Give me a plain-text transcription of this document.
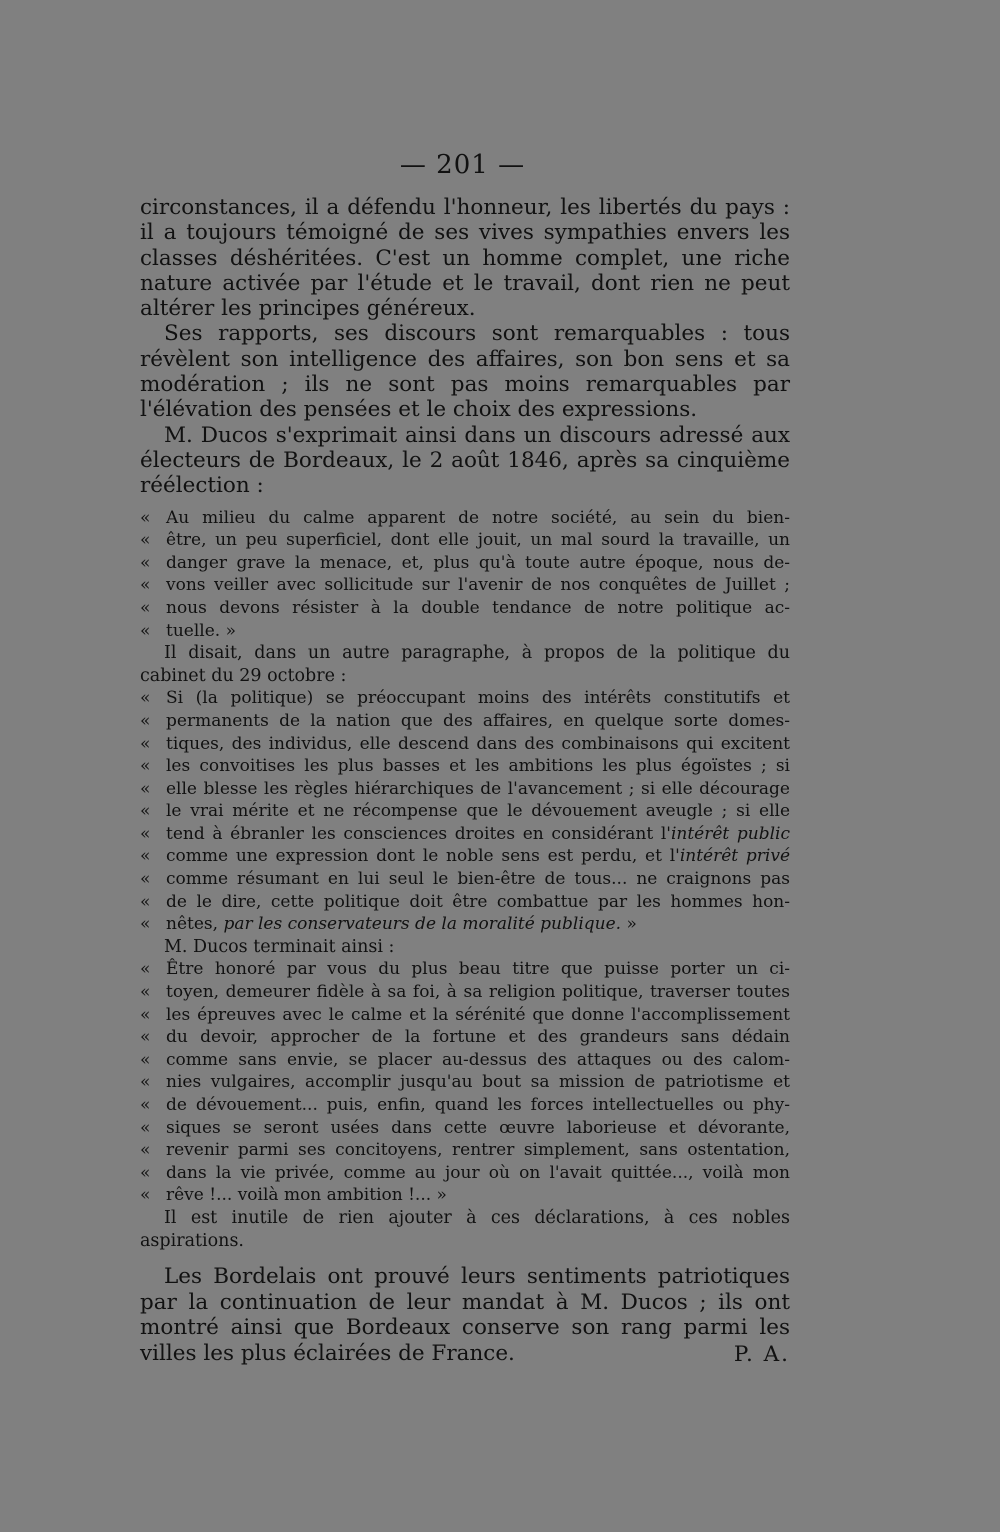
— 201 —

circonstances, il a défendu l'honneur, les libertés du pays : il a toujours témoigné de ses vives sympathies envers les classes déshéritées. C'est un homme complet, une riche nature activée par l'étude et le travail, dont rien ne peut altérer les principes généreux.

Ses rapports, ses discours sont remarquables : tous révèlent son intelligence des affaires, son bon sens et sa modération ; ils ne sont pas moins remarquables par l'élévation des pensées et le choix des expressions.

M. Ducos s'exprimait ainsi dans un discours adressé aux électeurs de Bordeaux, le 2 août 1846, après sa cinquième réélection :

« Au milieu du calme apparent de notre société, au sein du bien-
« être, un peu superficiel, dont elle jouit, un mal sourd la travaille, un
« danger grave la menace, et, plus qu'à toute autre époque, nous de-
« vons veiller avec sollicitude sur l'avenir de nos conquêtes de Juillet ;
« nous devons résister à la double tendance de notre politique ac-
« tuelle. »

Il disait, dans un autre paragraphe, à propos de la politique du cabinet du 29 octobre :

« Si (la politique) se préoccupant moins des intérêts constitutifs et
« permanents de la nation que des affaires, en quelque sorte domes-
« tiques, des individus, elle descend dans des combinaisons qui excitent
« les convoitises les plus basses et les ambitions les plus égoïstes ; si
« elle blesse les règles hiérarchiques de l'avancement ; si elle décourage
« le vrai mérite et ne récompense que le dévouement aveugle ; si elle
« tend à ébranler les consciences droites en considérant l'intérêt public
« comme une expression dont le noble sens est perdu, et l'intérêt privé
« comme résumant en lui seul le bien-être de tous... ne craignons pas
« de le dire, cette politique doit être combattue par les hommes hon-
« nêtes, par les conservateurs de la moralité publique. »

M. Ducos terminait ainsi :

« Être honoré par vous du plus beau titre que puisse porter un ci-
« toyen, demeurer fidèle à sa foi, à sa religion politique, traverser toutes
« les épreuves avec le calme et la sérénité que donne l'accomplissement
« du devoir, approcher de la fortune et des grandeurs sans dédain
« comme sans envie, se placer au-dessus des attaques ou des calom-
« nies vulgaires, accomplir jusqu'au bout sa mission de patriotisme et
« de dévouement... puis, enfin, quand les forces intellectuelles ou phy-
« siques se seront usées dans cette œuvre laborieuse et dévorante,
« revenir parmi ses concitoyens, rentrer simplement, sans ostentation,
« dans la vie privée, comme au jour où on l'avait quittée..., voilà mon
« rêve !... voilà mon ambition !... »

Il est inutile de rien ajouter à ces déclarations, à ces nobles aspirations.

Les Bordelais ont prouvé leurs sentiments patriotiques par la continuation de leur mandat à M. Ducos ; ils ont montré ainsi que Bordeaux conserve son rang parmi les villes les plus éclairées de France.	P. A.
